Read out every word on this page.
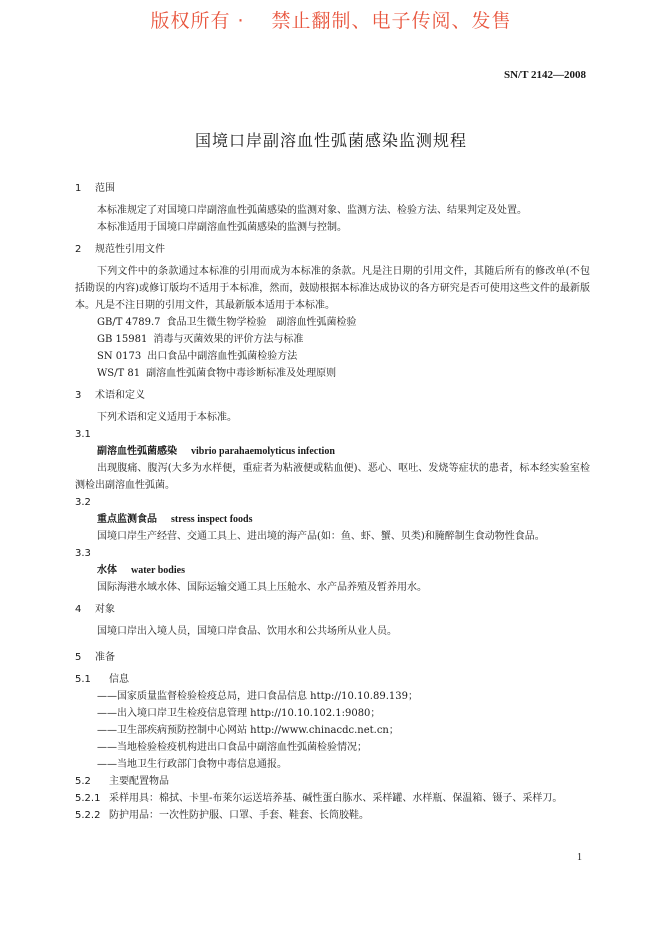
版权所有 ·　 禁止翻制、电子传阅、发售
SN/T 2142—2008
国境口岸副溶血性弧菌感染监测规程
1 范围
本标准规定了对国境口岸副溶血性弧菌感染的监测对象、监测方法、检验方法、结果判定及处置。
本标准适用于国境口岸副溶血性弧菌感染的监测与控制。
2 规范性引用文件
下列文件中的条款通过本标准的引用而成为本标准的条款。凡是注日期的引用文件，其随后所有的修改单(不包括勘误的内容)或修订版均不适用于本标准，然而，鼓励根据本标准达成协议的各方研究是否可使用这些文件的最新版本。凡是不注日期的引用文件，其最新版本适用于本标准。
GB/T 4789.7 食品卫生微生物学检验　副溶血性弧菌检验
GB 15981 消毒与灭菌效果的评价方法与标准
SN 0173 出口食品中副溶血性弧菌检验方法
WS/T 81 副溶血性弧菌食物中毒诊断标准及处理原则
3 术语和定义
下列术语和定义适用于本标准。
3.1
副溶血性弧菌感染 vibrio parahaemolyticus infection
出现腹痛、腹泻(大多为水样便，重症者为粘液便或粘血便)、恶心、呕吐、发烧等症状的患者，标本经实验室检测检出副溶血性弧菌。
3.2
重点监测食品 stress inspect foods
国境口岸生产经营、交通工具上、进出境的海产品(如：鱼、虾、蟹、贝类)和腌醉制生食动物性食品。
3.3
水体 water bodies
国际海港水域水体、国际运输交通工具上压舱水、水产品养殖及暂养用水。
4 对象
国境口岸出入境人员，国境口岸食品、饮用水和公共场所从业人员。
5 准备
5.1 信息
——国家质量监督检验检疫总局，进口食品信息 http://10.10.89.139；
——出入境口岸卫生检疫信息管理 http://10.10.102.1:9080；
——卫生部疾病预防控制中心网站 http://www.chinacdc.net.cn；
——当地检验检疫机构进出口食品中副溶血性弧菌检验情况；
——当地卫生行政部门食物中毒信息通报。
5.2 主要配置物品
5.2.1 采样用具：棉拭、卡里-布莱尔运送培养基、碱性蛋白胨水、采样罐、水样瓶、保温箱、镊子、采样刀。
5.2.2 防护用品：一次性防护服、口罩、手套、鞋套、长筒胶鞋。
1
